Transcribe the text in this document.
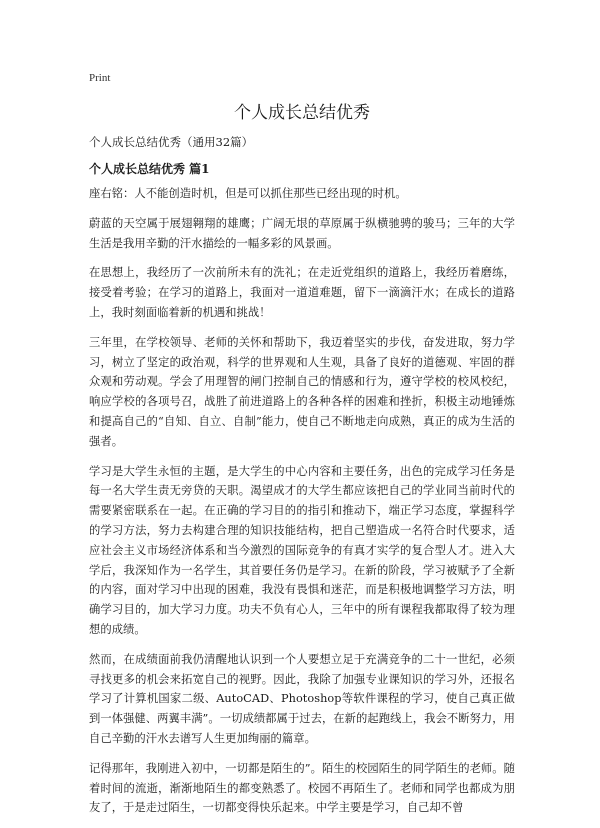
Print
个人成长总结优秀
个人成长总结优秀（通用32篇）
个人成长总结优秀 篇1

座右铭：人不能创造时机，但是可以抓住那些已经出现的时机。

蔚蓝的天空属于展翅翱翔的雄鹰；广阔无垠的草原属于纵横驰骋的骏马；三年的大学生活是我用辛勤的汗水描绘的一幅多彩的风景画。

在思想上，我经历了一次前所未有的洗礼；在走近党组织的道路上，我经历着磨练，接受着考验；在学习的道路上，我面对一道道难题，留下一滴滴汗水；在成长的道路上，我时刻面临着新的机遇和挑战！

三年里，在学校领导、老师的关怀和帮助下，我迈着坚实的步伐，奋发进取，努力学习，树立了坚定的政治观，科学的世界观和人生观，具备了良好的道德观、牢固的群众观和劳动观。学会了用理智的闸门控制自己的情感和行为，遵守学校的校风校纪，响应学校的各项号召，战胜了前进道路上的各种各样的困难和挫折，积极主动地锤炼和提高自己的“自知、自立、自制”能力，使自己不断地走向成熟，真正的成为生活的强者。

学习是大学生永恒的主题，是大学生的中心内容和主要任务，出色的完成学习任务是每一名大学生责无旁贷的天职。渴望成才的大学生都应该把自己的学业同当前时代的需要紧密联系在一起。在正确的学习目的的指引和推动下，端正学习态度，掌握科学的学习方法，努力去构建合理的知识技能结构，把自己塑造成一名符合时代要求，适应社会主义市场经济体系和当今激烈的国际竞争的有真才实学的复合型人才。进入大学后，我深知作为一名学生，其首要任务仍是学习。在新的阶段，学习被赋予了全新的内容，面对学习中出现的困难，我没有畏惧和迷茫，而是积极地调整学习方法，明确学习目的，加大学习力度。功夫不负有心人，三年中的所有课程我都取得了较为理想的成绩。

然而，在成绩面前我仍清醒地认识到一个人要想立足于充满竞争的二十一世纪，必须寻找更多的机会来拓宽自己的视野。因此，我除了加强专业课知识的学习外，还报名学习了计算机国家二级、AutoCAD、Photoshop等软件课程的学习，使自己真正做到一体强健、两翼丰满”。一切成绩都属于过去，在新的起跑线上，我会不断努力，用自己辛勤的汗水去谱写人生更加绚丽的篇章。

记得那年，我刚进入初中，一切都是陌生的”。陌生的校园陌生的同学陌生的老师。随着时间的流逝，渐渐地陌生的都变熟悉了。校园不再陌生了。老师和同学也都成为朋友了，于是走过陌生，一切都变得快乐起来。中学主要是学习，自己却不曾
